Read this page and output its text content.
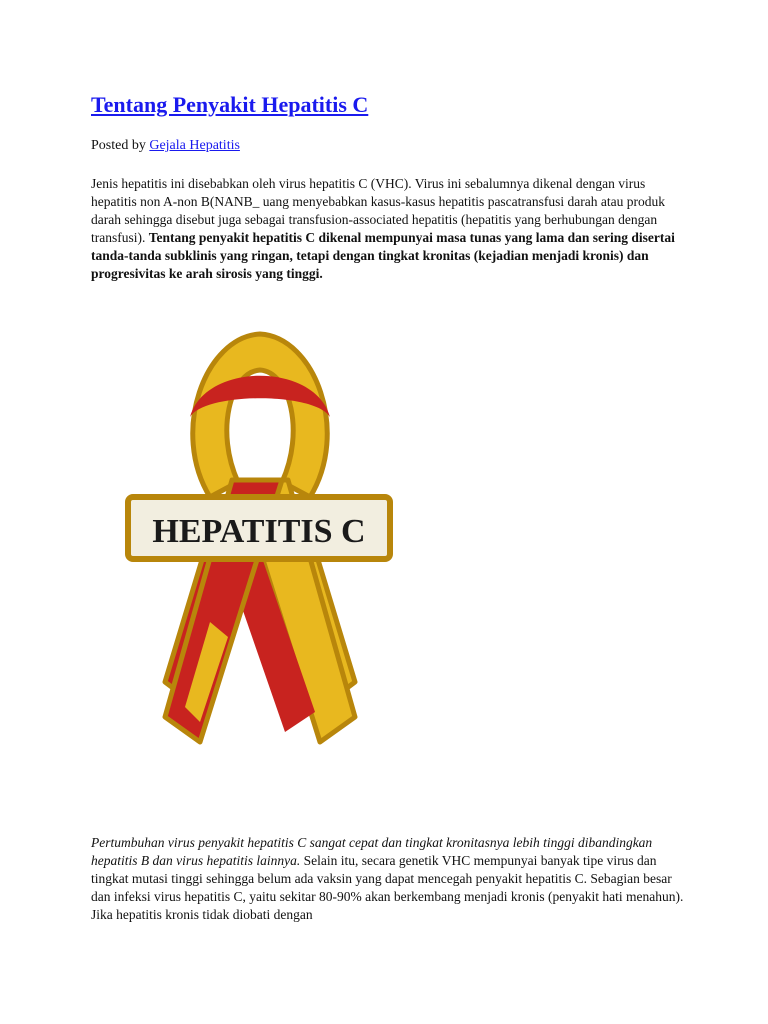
Tentang Penyakit Hepatitis C
Posted by Gejala Hepatitis

Jenis hepatitis ini disebabkan oleh virus hepatitis C (VHC). Virus ini sebalumnya dikenal dengan virus hepatitis non A-non B(NANB_ uang menyebabkan kasus-kasus hepatitis pascatransfusi darah atau produk darah sehingga disebut juga sebagai transfusion-associated hepatitis (hepatitis yang berhubungan dengan transfusi). Tentang penyakit hepatitis C dikenal mempunyai masa tunas yang lama dan sering disertai tanda-tanda subklinis yang ringan, tetapi dengan tingkat kronitas (kejadian menjadi kronis) dan progresivitas ke arah sirosis yang tinggi.

HEPATITIS C

Pertumbuhan virus penyakit hepatitis C sangat cepat dan tingkat kronitasnya lebih tinggi dibandingkan hepatitis B dan virus hepatitis lainnya. Selain itu, secara genetik VHC mempunyai banyak tipe virus dan tingkat mutasi tinggi sehingga belum ada vaksin yang dapat mencegah penyakit hepatitis C. Sebagian besar dan infeksi virus hepatitis C, yaitu sekitar 80-90% akan berkembang menjadi kronis (penyakit hati menahun). Jika hepatitis kronis tidak diobati dengan
